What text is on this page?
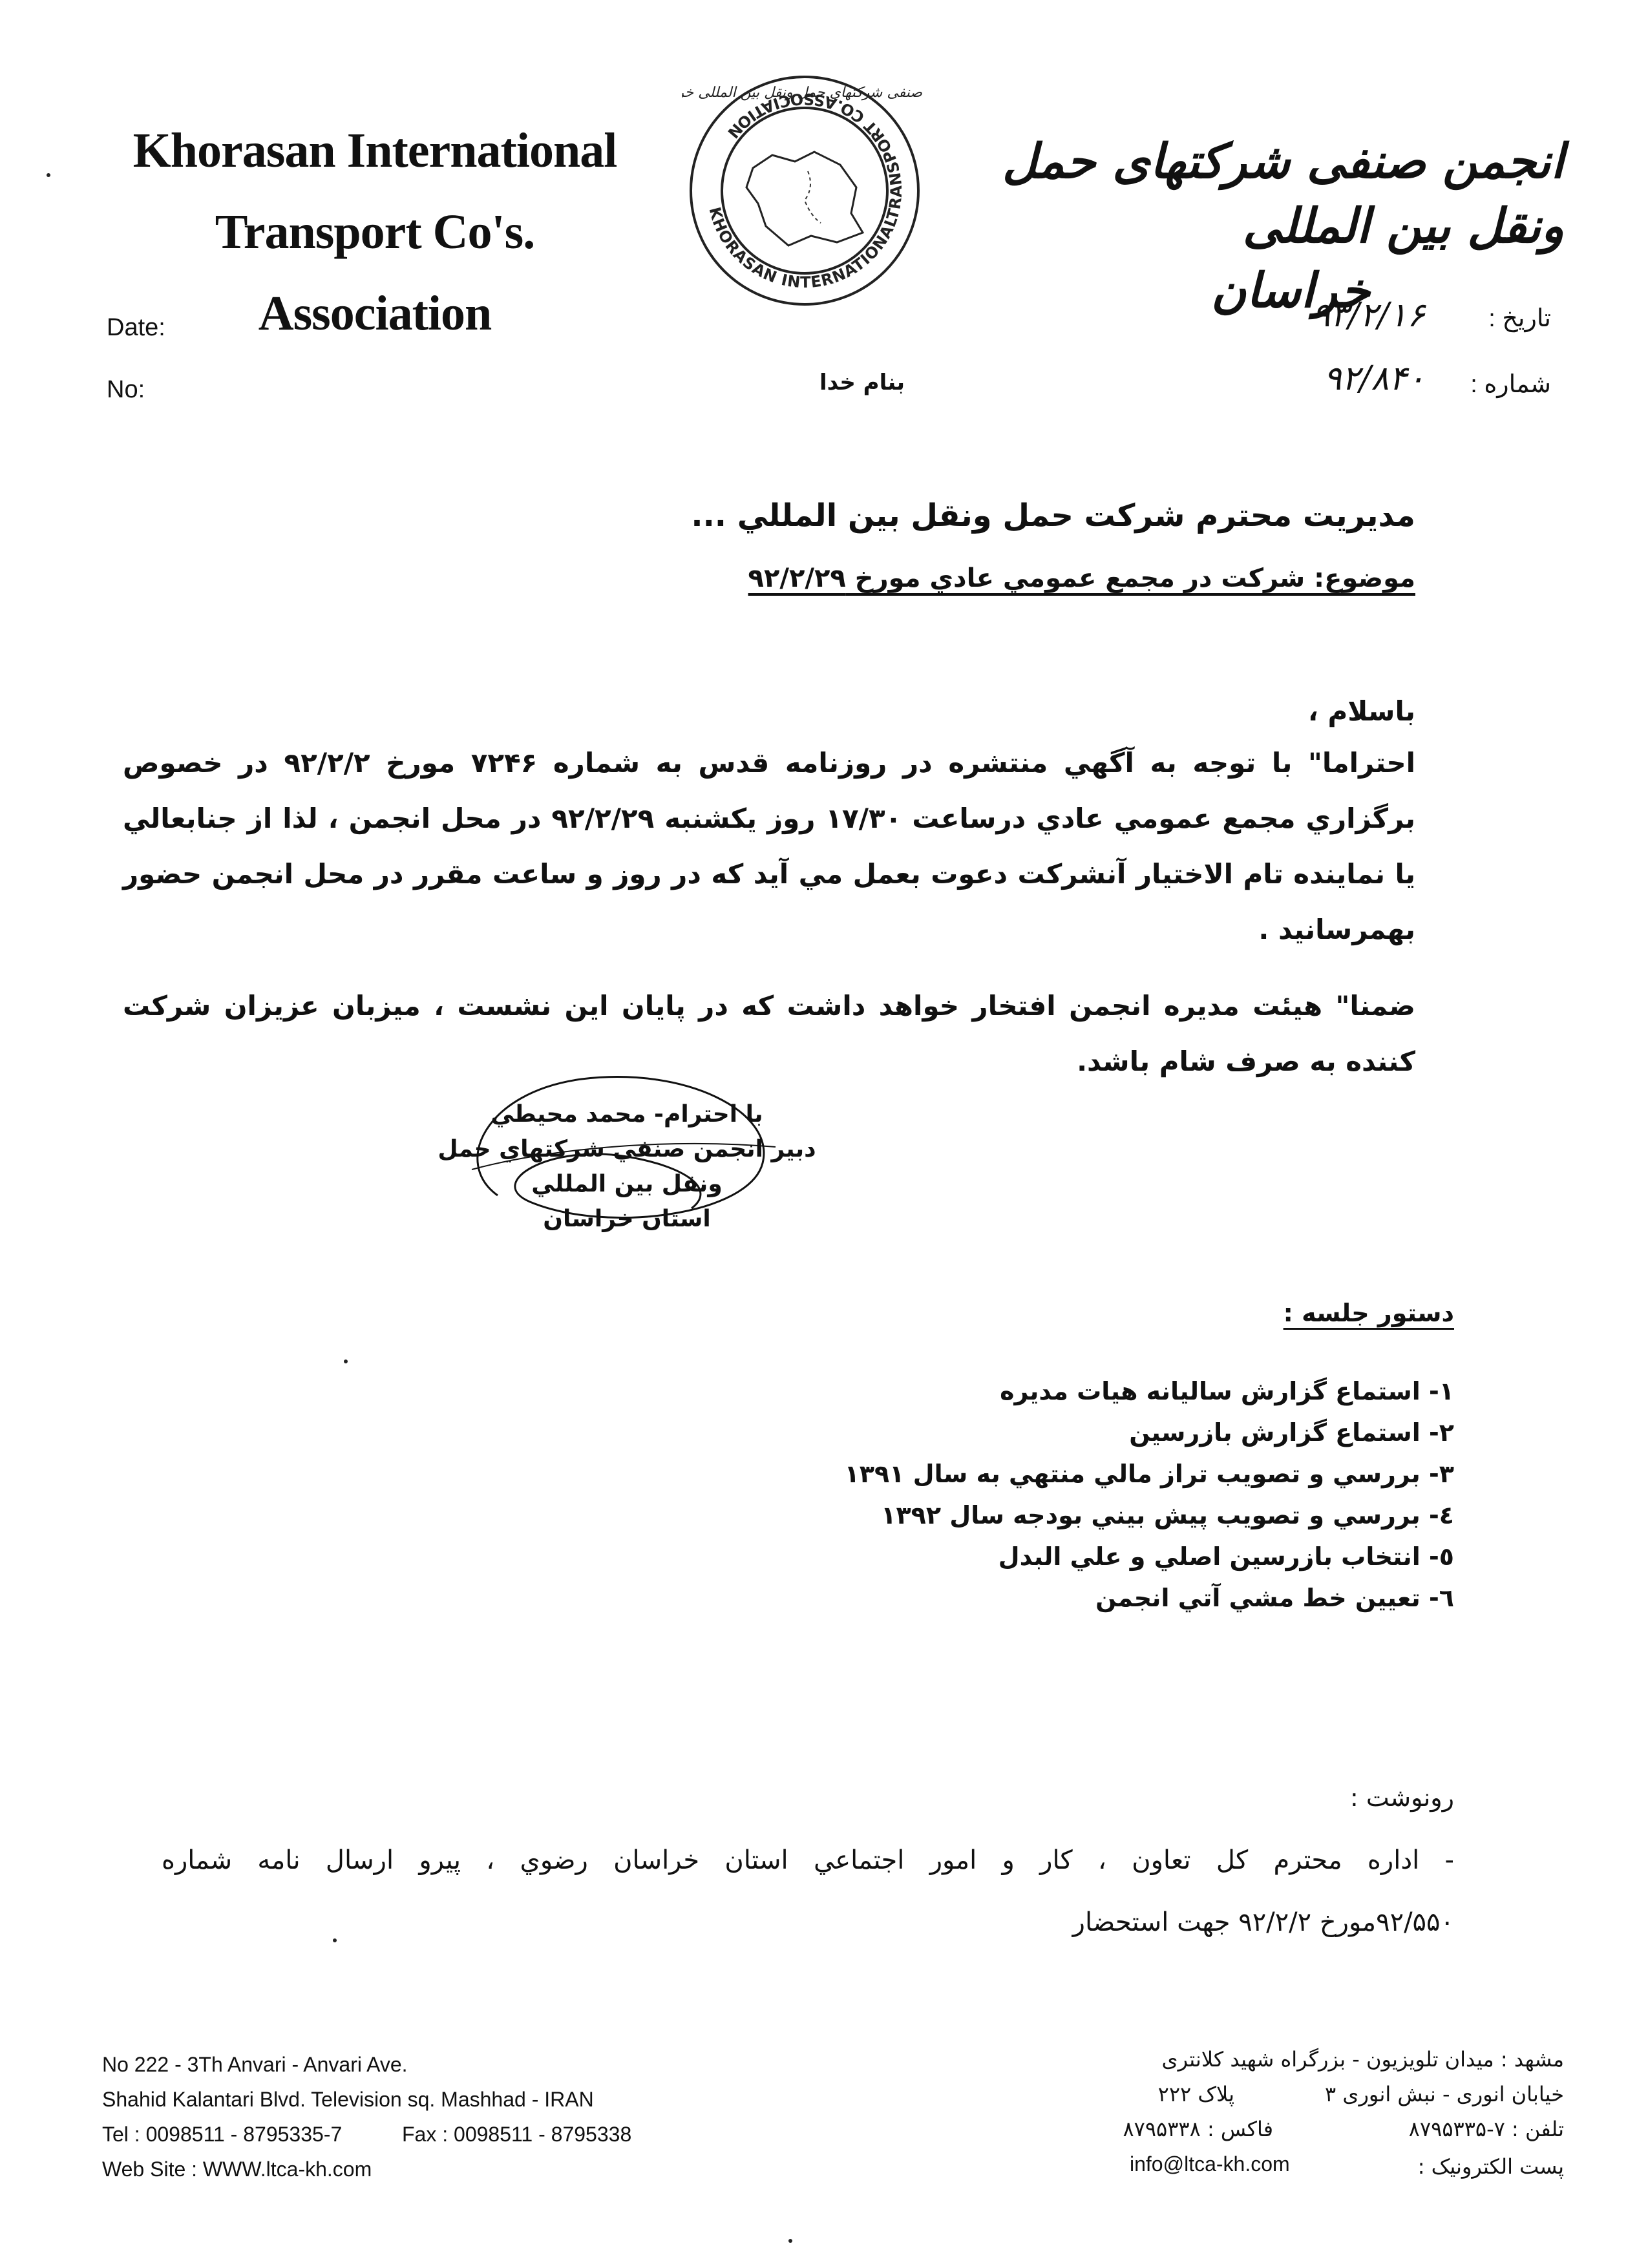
Khorasan International
Transport Co's. Association
KHORASAN INTERNATIONALTRANSPORT CO.ASSOCIATION
صنفی شرکتهای حمل ونقل بین المللی خ
انجمن صنفی شرکتهای حمل ونقل بین المللی
خراسان
Date:
No:
تاریخ :
شماره :
۹۳/۲/۱۶
۹۲/۸۴۰
بنام خدا
مديريت محترم شركت حمل ونقل بين المللي ...
موضوع: شركت در مجمع عمومي عادي مورخ ۹۲/۲/۲۹
باسلام ،
احتراما" با توجه به آگهي منتشره در روزنامه قدس به شماره ۷۲۴۶ مورخ ۹۲/۲/۲ در خصوص برگزاري مجمع عمومي عادي درساعت ۱۷/۳۰ روز يكشنبه ۹۲/۲/۲۹ در محل انجمن ، لذا از جنابعالي يا نماينده تام الاختيار آنشركت دعوت بعمل مي آيد كه در روز و ساعت مقرر در محل انجمن حضور بهمرسانيد .
ضمنا" هيئت مديره انجمن افتخار خواهد داشت كه در پايان اين نشست ، ميزبان عزيزان شركت كننده به صرف شام باشد.
با احترام- محمد محيطي
دبير انجمن صنفي شركتهاي حمل ونقل بين المللي
استان خراسان
دستور جلسه :
۱- استماع گزارش ساليانه هيات مديره
۲- استماع گزارش بازرسين
۳- بررسي و تصويب تراز مالي منتهي به سال ۱۳۹۱
٤- بررسي و تصويب پيش بيني بودجه سال ۱۳۹۲
٥- انتخاب بازرسين اصلي و علي البدل
٦- تعيين خط مشي آتي انجمن
رونوشت :
- اداره محترم كل تعاون ، كار و امور اجتماعي استان خراسان رضوي ، پيرو ارسال نامه شماره
۹۲/۵۵۰مورخ ۹۲/۲/۲ جهت استحضار
No 222 - 3Th Anvari - Anvari Ave.
Shahid Kalantari Blvd. Television sq. Mashhad - IRAN
Tel : 0098511 - 8795335-7	Fax : 0098511 - 8795338
Web Site : WWW.ltca-kh.com
مشهد : میدان تلویزیون - بزرگراه شهید کلانتری
خیابان انوری - نبش انوری ۳
پلاک ۲۲۲
تلفن : ۷-۸۷۹۵۳۳۵
فاکس : ۸۷۹۵۳۳۸
پست الکترونیک :
info@ltca-kh.com
